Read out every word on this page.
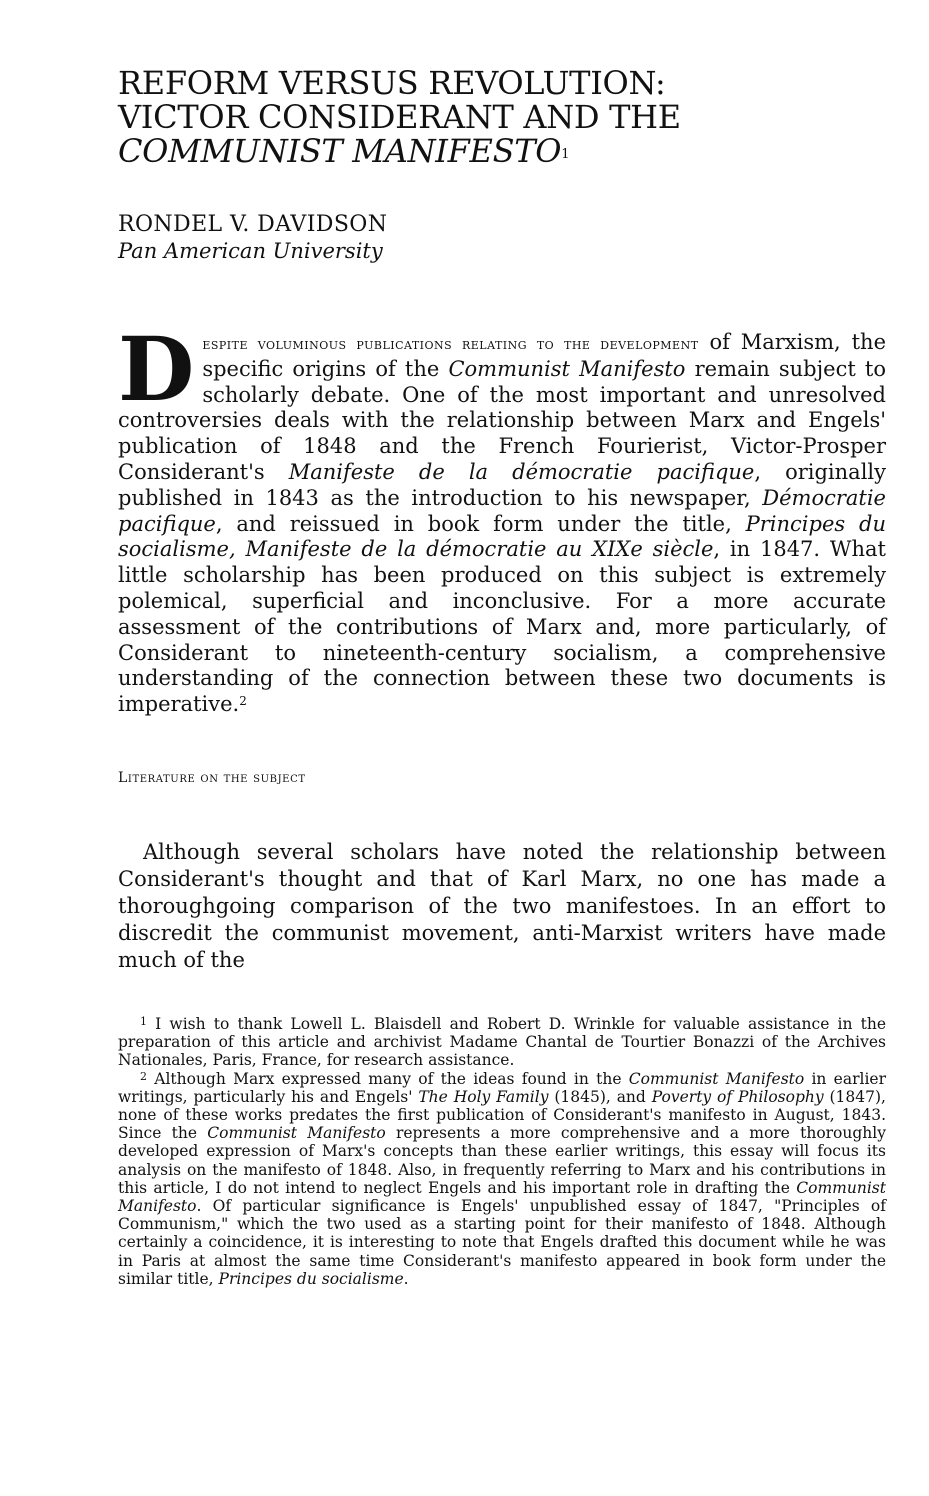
REFORM VERSUS REVOLUTION:
VICTOR CONSIDERANT AND THE
COMMUNIST MANIFESTO$^1$
RONDEL V. DAVIDSON
Pan American University

Despite voluminous publications relating to the development of Marxism, the specific origins of the Communist Manifesto remain subject to scholarly debate. One of the most important and unresolved controversies deals with the relationship between Marx and Engels' publication of 1848 and the French Fourierist, Victor-Prosper Considerant's Manifeste de la démocratie pacifique, originally published in 1843 as the introduction to his newspaper, Démocratie pacifique, and reissued in book form under the title, Principes du socialisme, Manifeste de la démocratie au XIXe siècle, in 1847. What little scholarship has been produced on this subject is extremely polemical, superficial and inconclusive. For a more accurate assessment of the contributions of Marx and, more particularly, of Considerant to nineteenth-century socialism, a comprehensive understanding of the connection between these two documents is imperative.$^2$

Literature on the subject

Although several scholars have noted the relationship between Considerant's thought and that of Karl Marx, no one has made a thoroughgoing comparison of the two manifestoes. In an effort to discredit the communist movement, anti-Marxist writers have made much of the

$^1$ I wish to thank Lowell L. Blaisdell and Robert D. Wrinkle for valuable assistance in the preparation of this article and archivist Madame Chantal de Tourtier Bonazzi of the Archives Nationales, Paris, France, for research assistance.

$^2$ Although Marx expressed many of the ideas found in the Communist Manifesto in earlier writings, particularly his and Engels' The Holy Family (1845), and Poverty of Philosophy (1847), none of these works predates the first publication of Considerant's manifesto in August, 1843. Since the Communist Manifesto represents a more comprehensive and a more thoroughly developed expression of Marx's concepts than these earlier writings, this essay will focus its analysis on the manifesto of 1848. Also, in frequently referring to Marx and his contributions in this article, I do not intend to neglect Engels and his important role in drafting the Communist Manifesto. Of particular significance is Engels' unpublished essay of 1847, "Principles of Communism," which the two used as a starting point for their manifesto of 1848. Although certainly a coincidence, it is interesting to note that Engels drafted this document while he was in Paris at almost the same time Considerant's manifesto appeared in book form under the similar title, Principes du socialisme.
